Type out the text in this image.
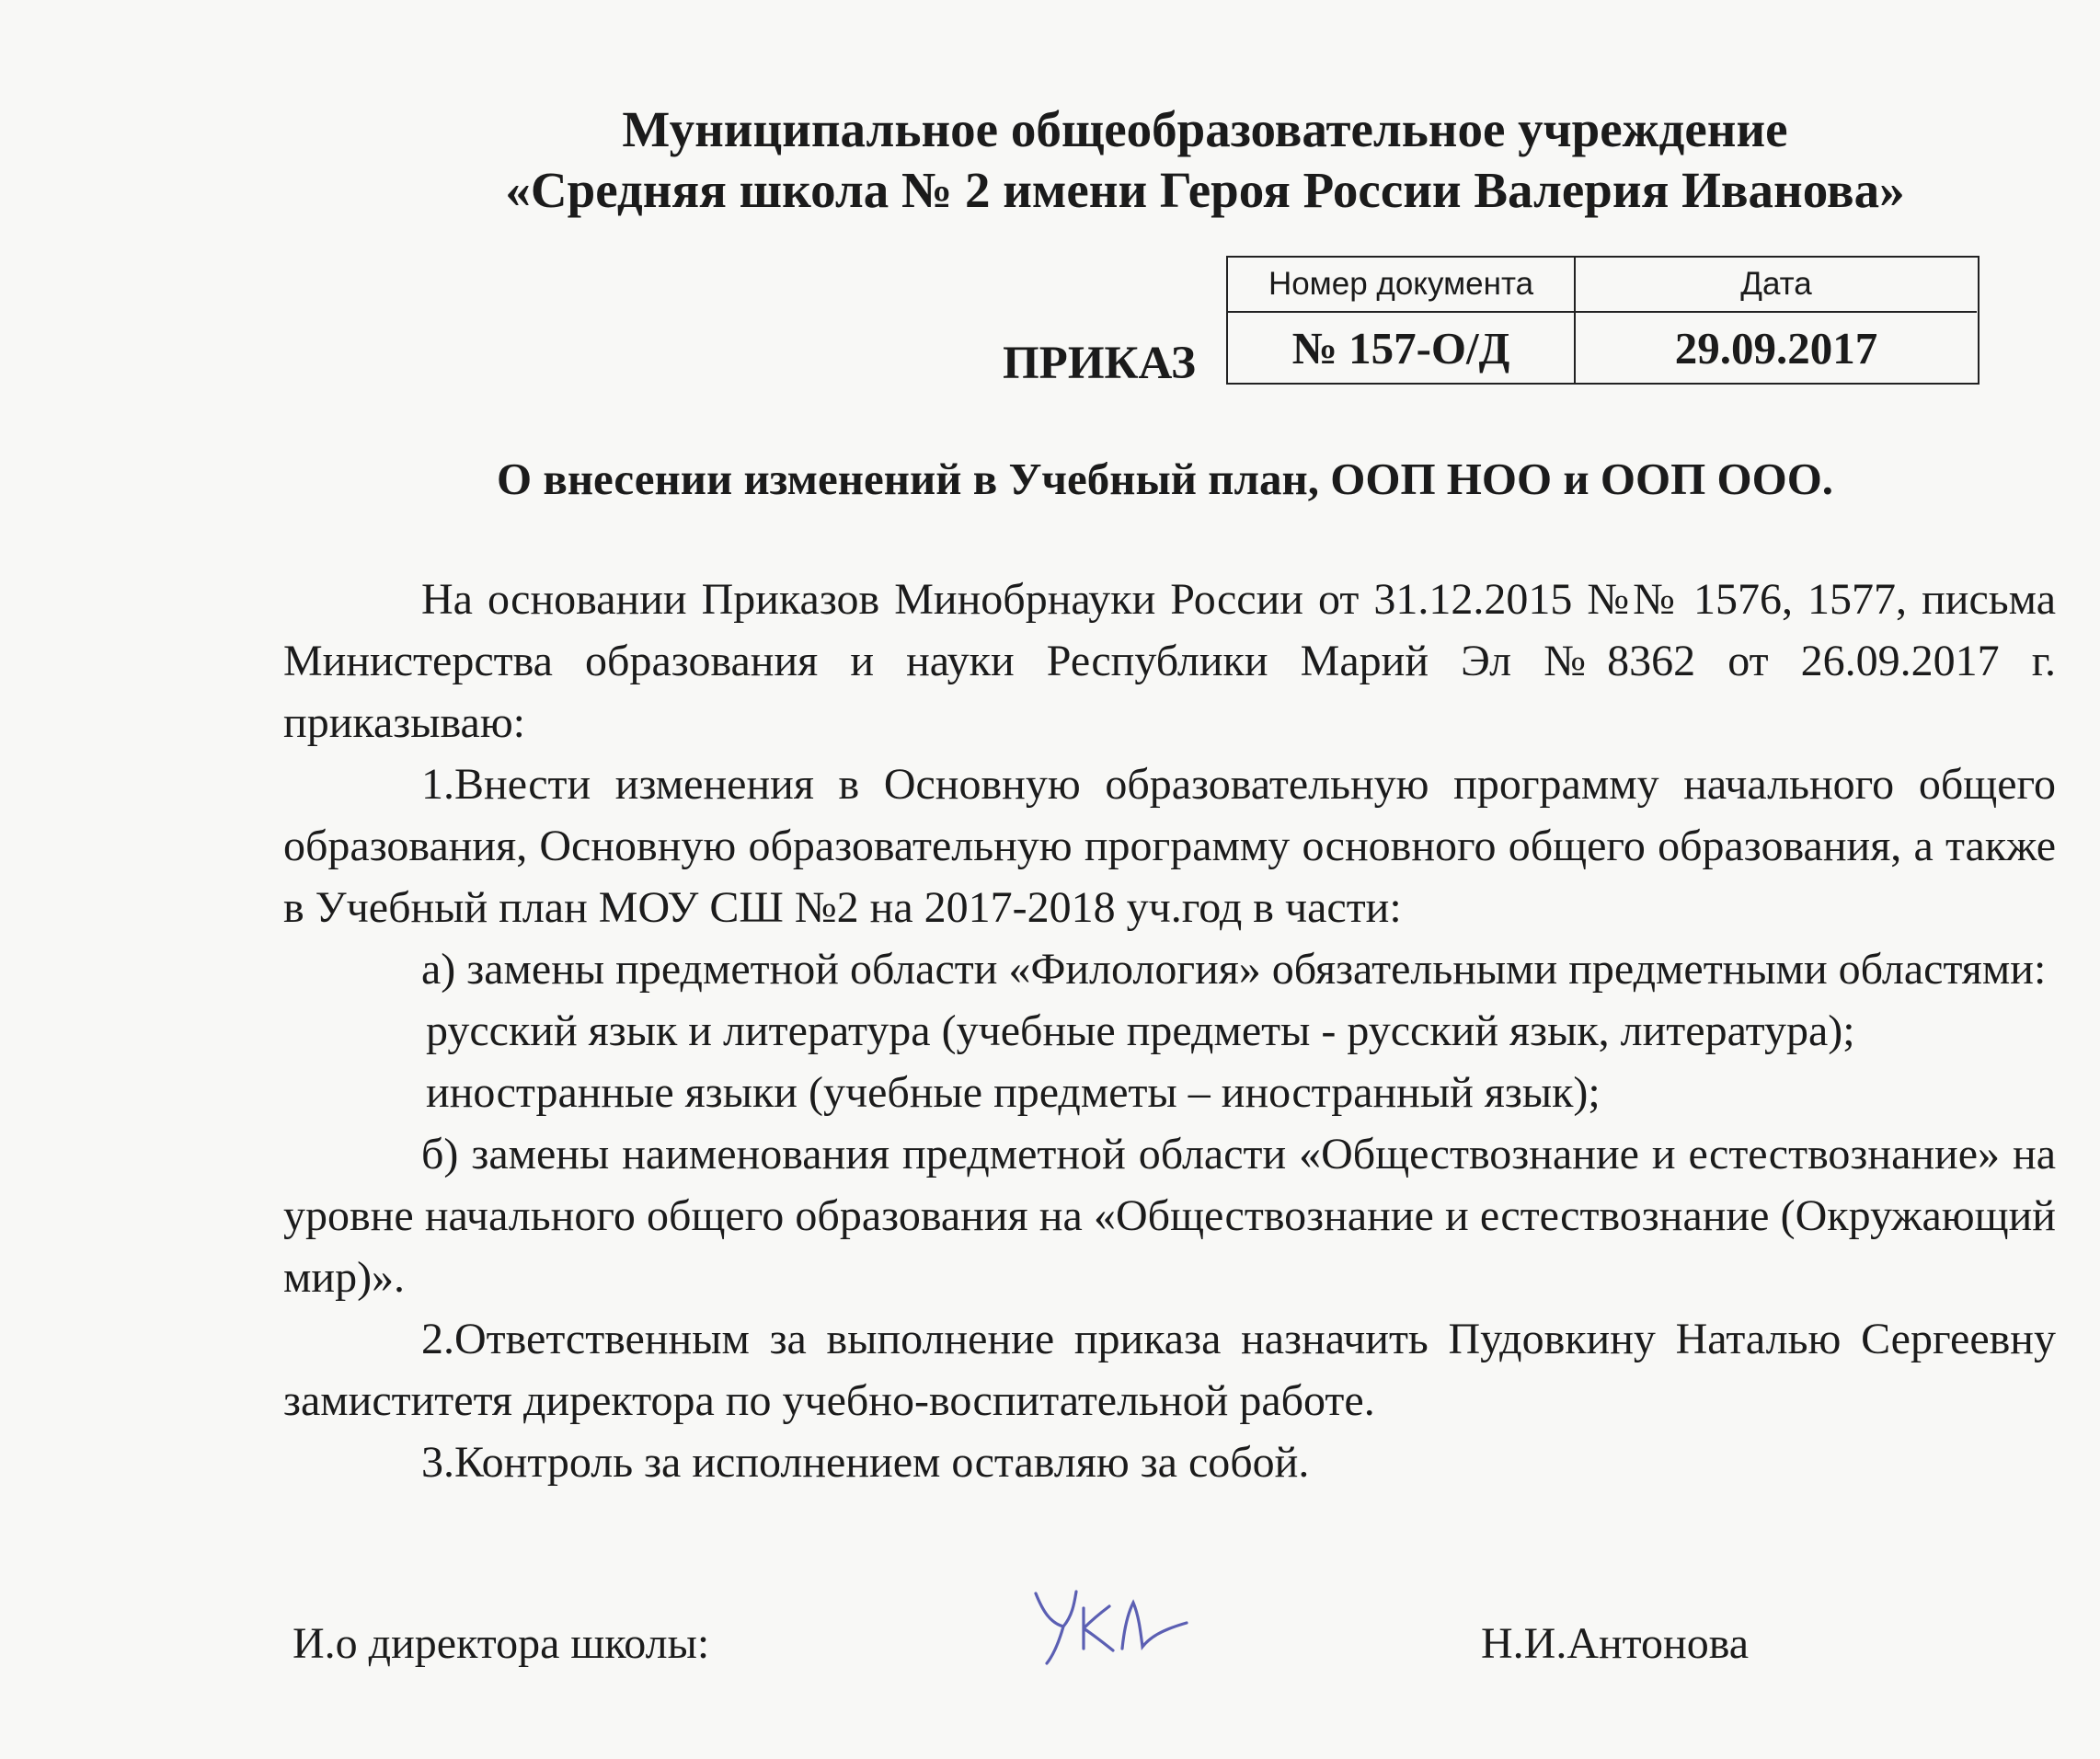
Муниципальное общеобразовательное учреждение
«Средняя школа № 2 имени Героя России Валерия Иванова»
ПРИКАЗ
Номер документа
№ 157-О/Д
Дата
29.09.2017
О внесении изменений в Учебный план, ООП НОО и ООП ООО.

На основании Приказов Минобрнауки России от 31.12.2015 №№ 1576, 1577, письма Министерства образования и науки Республики Марий Эл №8362 от 26.09.2017 г. приказываю:

1.Внести изменения в Основную образовательную программу начального общего образования, Основную образовательную программу основного общего образования, а также в Учебный план МОУ СШ №2 на 2017-2018 уч.год в части:

а) замены предметной области «Филология» обязательными предметными областями:

русский язык и литература (учебные предметы - русский язык, литература);

иностранные языки (учебные предметы – иностранный язык);

б) замены наименования предметной области «Обществознание и естествознание» на уровне начального общего образования на «Обществознание и естествознание (Окружающий мир)».

2.Ответственным за выполнение приказа назначить Пудовкину Наталью Сергеевну замиститетя директора по учебно-воспитательной работе.

3.Контроль за исполнением оставляю за собой.

И.о директора школы:	Н.И.Антонова
